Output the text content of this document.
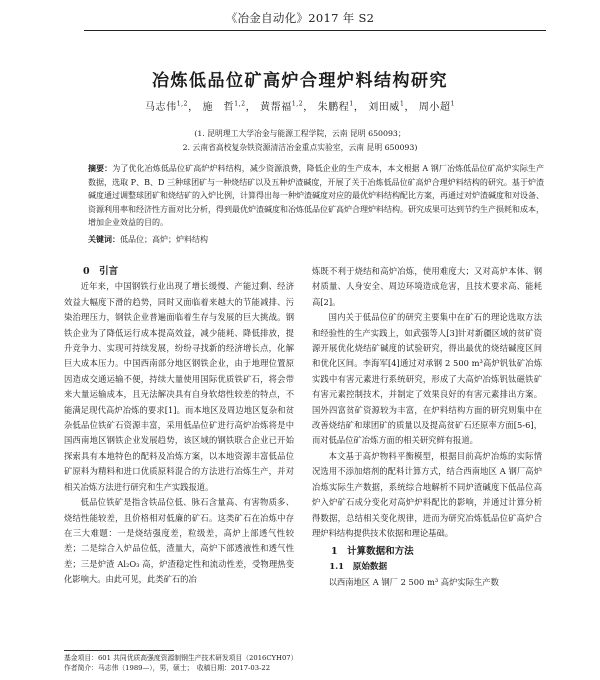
《冶金自动化》2017 年 S2
冶炼低品位矿高炉合理炉料结构研究
马志伟$^{1,2}$， 施　哲$^{1,2}$， 黄帮福$^{1,2}$， 朱鹏程$^1$， 刘田威$^1$， 周小超$^1$
(1. 昆明理工大学冶金与能源工程学院，云南 昆明 650093；
2. 云南省高校复杂铁资源清洁冶金重点实验室，云南 昆明 650093)
摘要：为了优化冶炼低品位矿高炉炉料结构，减少资源浪费，降低企业的生产成本，本文根据 A 钢厂冶炼低品位矿高炉实际生产数据，选取 P、B、D 三种球团矿与一种烧结矿以及五种炉渣碱度，开展了关于冶炼低品位矿高炉合理炉料结构的研究。基于炉渣碱度通过调整球团矿和烧结矿的入炉比例，计算得出每一种炉渣碱度对应的最优炉料结构配比方案，再通过对炉渣碱度和对设备、资源利用率和经济性方面对比分析，得到最优炉渣碱度和冶炼低品位矿高炉合理炉料结构。研究成果可达到节约生产损耗和成本，增加企业效益的目的。
关键词：低品位；高炉；炉料结构

0　引言

近年来，中国钢铁行业出现了增长缓慢、产能过剩、经济效益大幅度下滑的趋势，同时又面临着来越大的节能减排、污染治理压力，钢铁企业普遍面临着生存与发展的巨大挑战。钢铁企业为了降低运行成本提高效益，减少能耗、降低排放，提升竞争力、实现可持续发展，纷纷寻找新的经济增长点，化解巨大成本压力。中国西南部分地区钢铁企业，由于地理位置原因造成交通运输不便，持续大量使用国际优质铁矿石，将会带来大量运输成本，且无法解决具有自身软熔性较差的特点，不能满足现代高炉冶炼的要求[1]。而本地区及周边地区复杂和贫杂低品位铁矿石资源丰富，采用低品位矿进行高炉冶炼将是中国西南地区钢铁企业发展趋势，该区域的钢铁联合企业已开始探索具有本地特色的配料及冶炼方案，以本地资源丰富低品位矿原料为精料和进口优质原料混合的方法进行冶炼生产，并对相关冶炼方法进行研究和生产实践报道。

低品位铁矿是指含铁品位低、脉石含量高、有害物质多、烧结性能较差，且价格相对低廉的矿石。这类矿石在冶炼中存在三大难题：一是烧结强度差，粒级差，高炉上部透气性较差；二是综合入炉品位低，渣量大，高炉下部透液性和透气性差；三是炉渣 Al₂O₃ 高，炉渣稳定性和流动性差，受物理热变化影响大。由此可见，此类矿石的冶

炼既不利于烧结和高炉冶炼，使用难度大；又对高炉本体、钢材质量、人身安全、周边环境造成危害，且技术要求高、能耗高[2]。

国内关于低品位矿的研究主要集中在矿石的理论选取方法和经验性的生产实践上，如武强等人[3]针对新疆区域的贫矿资源开展优化烧结矿碱度的试验研究，得出最优的烧结碱度区间和优化区间。李海军[4]通过对承钢 2 500 m³高炉钒钛矿冶炼实践中有害元素进行系统研究，形成了大高炉冶炼钒钛磁铁矿有害元素控制技术，并制定了效果良好的有害元素排出方案。国外四富贫矿资源较为丰富，在炉料结构方面的研究则集中在改善烧结矿和球团矿的质量以及提高贫矿石还原率方面[5-6]，而对低品位矿冶炼方面的相关研究鲜有报道。

本文基于高炉物料平衡模型，根据目前高炉冶炼的实际情况选用不添加熔剂的配料计算方式，结合西南地区 A 钢厂高炉冶炼实际生产数据，系统综合地解析不同炉渣碱度下低品位高炉入炉矿石成分变化对高炉炉料配比的影响，并通过计算分析得数据，总结相关变化规律，进而为研究冶炼低品位矿高炉合理炉料结构提供技术依据和理论基础。

1　计算数据和方法

1.1　原始数据

以西南地区 A 钢厂 2 500 m³ 高炉实际生产数

基金项目：601 共同优质高强度资源制钢生产技术研发项目（2016CYH07）
作者简介：马志伟（1989—），男，硕士；　收稿日期：2017-03-22
